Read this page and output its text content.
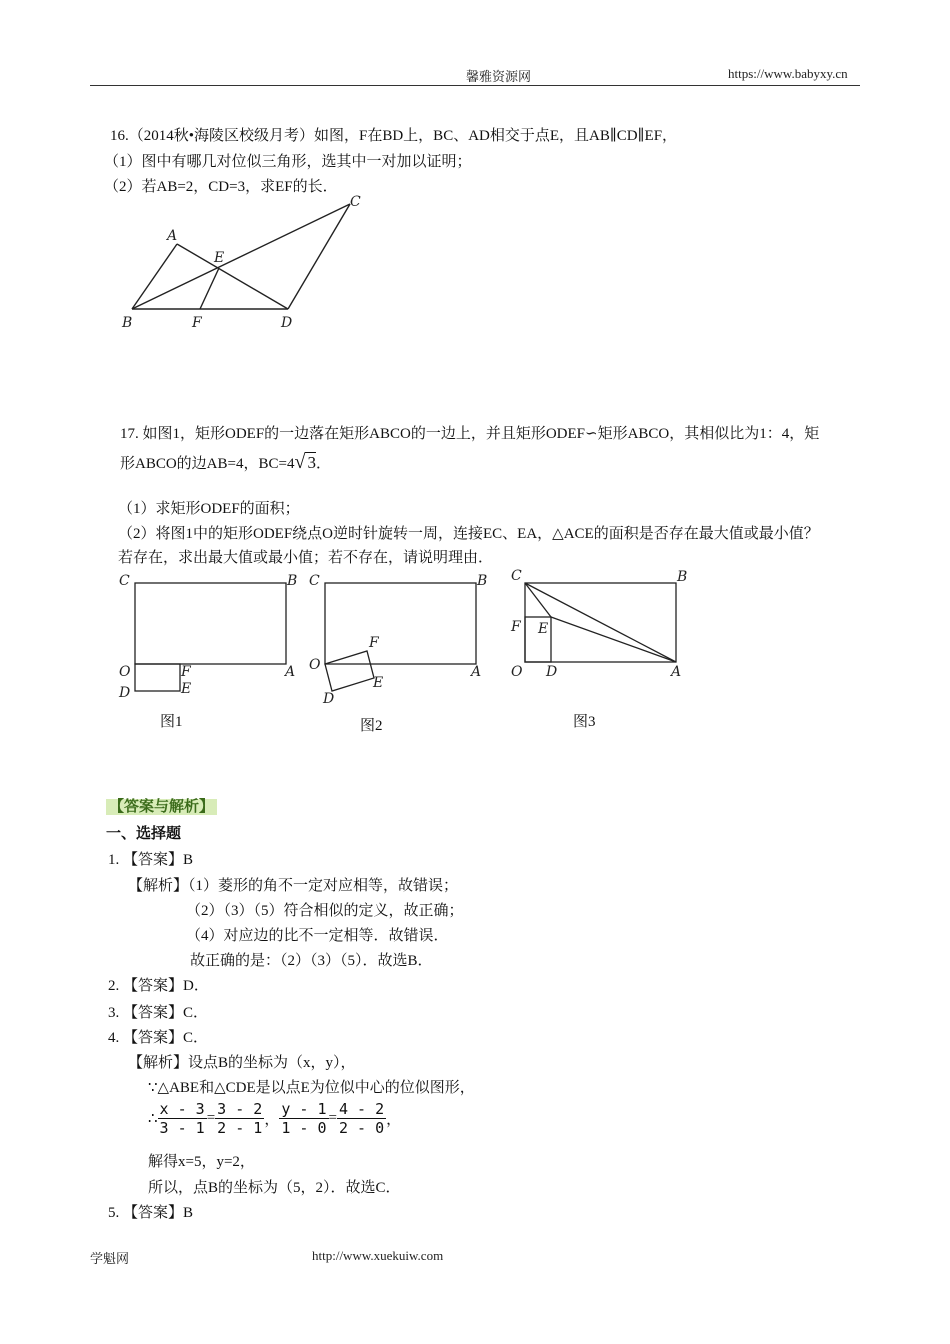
馨雅资源网	https://www.babyxy.cn
16.（2014秋•海陵区校级月考）如图，F在BD上，BC、AD相交于点E，且AB∥CD∥EF，
（1）图中有哪几对位似三角形，选其中一对加以证明；
（2）若AB=2，CD=3，求EF的长．
A
B
C
D
E
F
17. 如图1，矩形ODEF的一边落在矩形ABCO的一边上，并且矩形ODEF∽矩形ABCO，其相似比为1：4，矩
形ABCO的边AB=4，BC=4√ 3．
（1）求矩形ODEF的面积；
（2）将图1中的矩形ODEF绕点O逆时针旋转一周，连接EC、EA，△ACE的面积是否存在最大值或最小值？
若存在，求出最大值或最小值；若不存在，请说明理由．
C	B
O	A
F
D	E
图1
C	B
O	A
F
E
D
图2
C	B
F E
O D	A
图3
【答案与解析】
一、选择题
1. 【答案】B
【解析】（1）菱形的角不一定对应相等，故错误；
（2）（3）（5）符合相似的定义，故正确；
（4）对应边的比不一定相等．故错误．
故正确的是：（2）（3）（5）．故选B．
2. 【答案】D．
3. 【答案】C．
4. 【答案】C．
【解析】设点B的坐标为（x，y），
∵△ABE和△CDE是以点E为位似中心的位似图形，
∴ $\frac{x - 3}{3 - 1} = \frac{3 - 2}{2 - 1}$ ， $\frac{y - 1}{1 - 0} = \frac{4 - 2}{2 - 0}$ ，
解得x=5，y=2，
所以，点B的坐标为（5，2）．故选C．
5. 【答案】B
学魁网	http://www.xuekuiw.com
